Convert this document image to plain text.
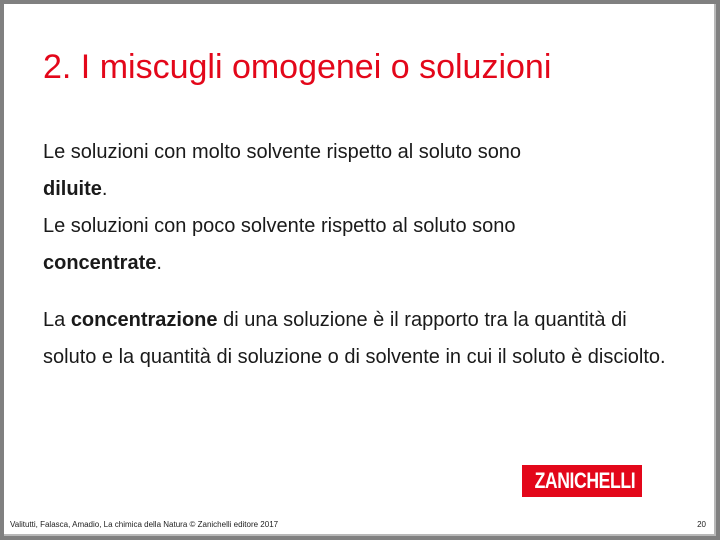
2. I miscugli omogenei o soluzioni

Le soluzioni con molto solvente rispetto al soluto sono
diluite.

Le soluzioni con poco solvente rispetto al soluto sono
concentrate.

La concentrazione di una soluzione è il rapporto tra la quantità di soluto e la quantità di soluzione o di solvente in cui il soluto è disciolto.

ZANICHELLI
Valitutti, Falasca, Amadio, La chimica della Natura © Zanichelli editore 2017	20
